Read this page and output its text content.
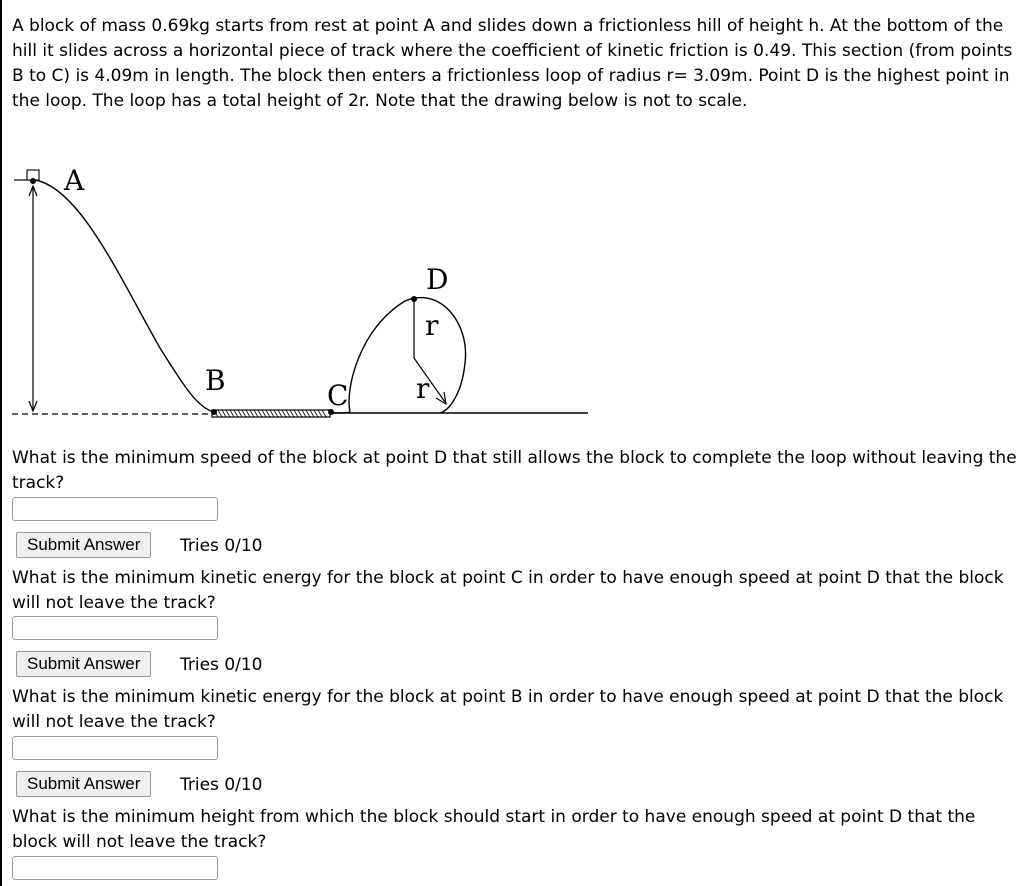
A block of mass 0.69kg starts from rest at point A and slides down a frictionless hill of height h. At the bottom of the hill it slides across a horizontal piece of track where the coefficient of kinetic friction is 0.49. This section (from points B to C) is 4.09m in length. The block then enters a frictionless loop of radius r= 3.09m. Point D is the highest point in the loop. The loop has a total height of 2r. Note that the drawing below is not to scale.

A
B	C
D
r
r

What is the minimum speed of the block at point D that still allows the block to complete the loop without leaving the track?

Submit Answer	Tries 0/10

What is the minimum kinetic energy for the block at point C in order to have enough speed at point D that the block will not leave the track?

Submit Answer	Tries 0/10

What is the minimum kinetic energy for the block at point B in order to have enough speed at point D that the block will not leave the track?

Submit Answer	Tries 0/10

What is the minimum height from which the block should start in order to have enough speed at point D that the block will not leave the track?
